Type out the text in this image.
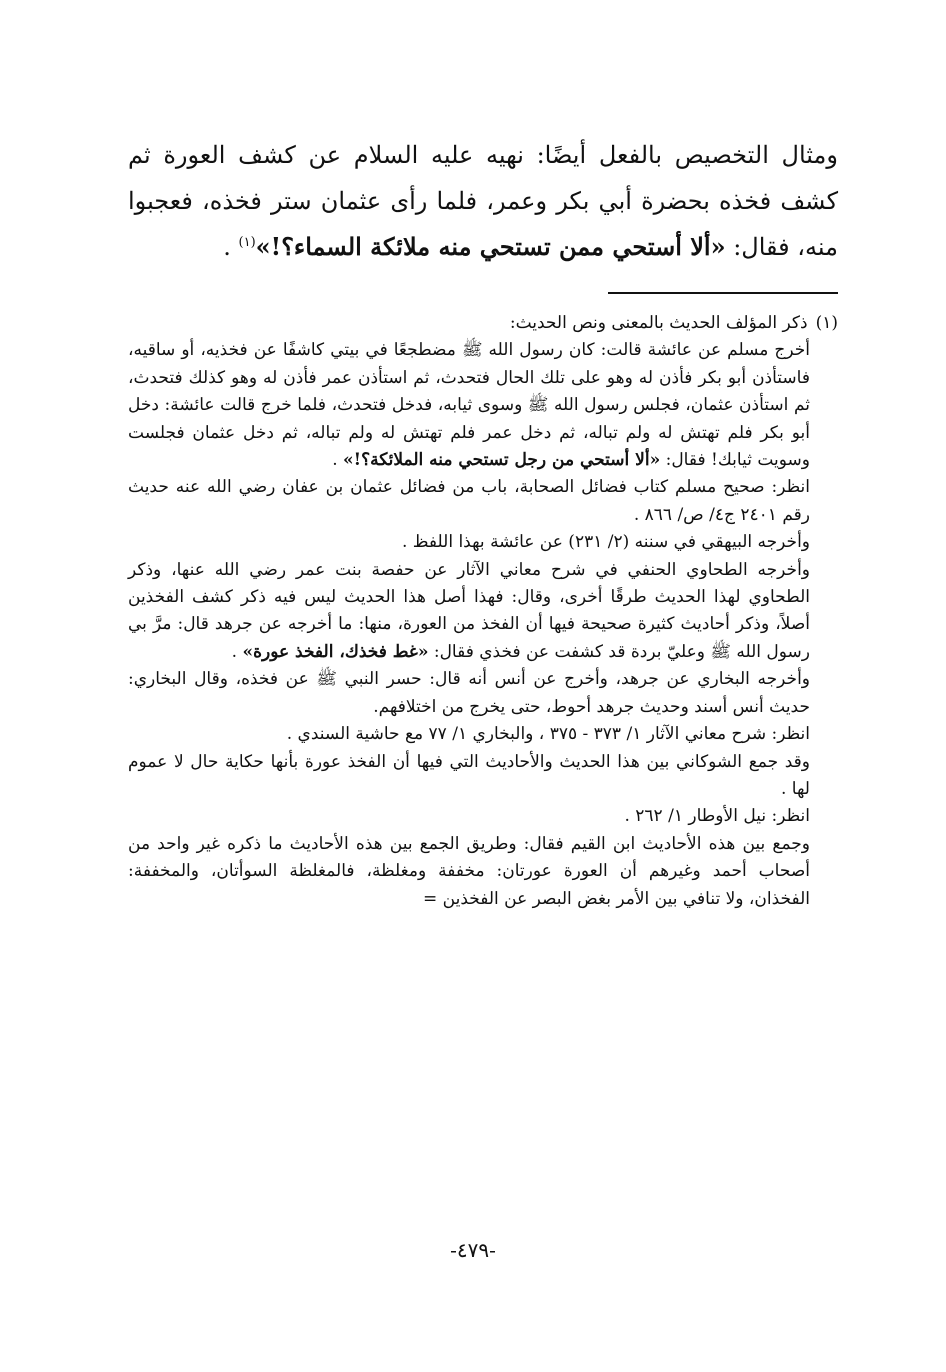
ومثال التخصيص بالفعل أيضًا: نهيه عليه السلام عن كشف العورة ثم كشف فخذه بحضرة أبي بكر وعمر، فلما رأى عثمان ستر فخذه، فعجبوا منه، فقال: «ألا أستحي ممن تستحي منه ملائكة السماء؟!»$^{(١)}$ .

(١)
ذكر المؤلف الحديث بالمعنى ونص الحديث:

أخرج مسلم عن عائشة قالت: كان رسول الله ﷺ مضطجعًا في بيتي كاشفًا عن فخذيه، أو ساقيه، فاستأذن أبو بكر فأذن له وهو على تلك الحال فتحدث، ثم استأذن عمر فأذن له وهو كذلك فتحدث، ثم استأذن عثمان، فجلس رسول الله ﷺ وسوى ثيابه، فدخل فتحدث، فلما خرج قالت عائشة: دخل أبو بكر فلم تهتش له ولم تباله، ثم دخل عمر فلم تهتش له ولم تباله، ثم دخل عثمان فجلست وسويت ثيابك! فقال: «ألا أستحي من رجل تستحي منه الملائكة؟!» .

انظر: صحيح مسلم كتاب فضائل الصحابة، باب من فضائل عثمان بن عفان رضي الله عنه حديث رقم ٢٤٠١ ج٤/ ص/ ٨٦٦ .

وأخرجه البيهقي في سننه (٢/ ٢٣١) عن عائشة بهذا اللفظ .

وأخرجه الطحاوي الحنفي في شرح معاني الآثار عن حفصة بنت عمر رضي الله عنها، وذكر الطحاوي لهذا الحديث طرقًا أخرى، وقال: فهذا أصل هذا الحديث ليس فيه ذكر كشف الفخذين أصلاً، وذكر أحاديث كثيرة صحيحة فيها أن الفخذ من العورة، منها: ما أخرجه عن جرهد قال: مرَّ بي رسول الله ﷺ وعليّ بردة قد كشفت عن فخذي فقال: «غط فخذك، الفخذ عورة» .

وأخرجه البخاري عن جرهد، وأخرج عن أنس أنه قال: حسر النبي ﷺ عن فخذه، وقال البخاري: حديث أنس أسند وحديث جرهد أحوط، حتى يخرج من اختلافهم.

انظر: شرح معاني الآثار ١/ ٣٧٣ - ٣٧٥ ، والبخاري ١/ ٧٧ مع حاشية السندي .

وقد جمع الشوكاني بين هذا الحديث والأحاديث التي فيها أن الفخذ عورة بأنها حكاية حال لا عموم لها .

انظر: نيل الأوطار ١/ ٢٦٢ .

وجمع بين هذه الأحاديث ابن القيم فقال: وطريق الجمع بين هذه الأحاديث ما ذكره غير واحد من أصحاب أحمد وغيرهم أن العورة عورتان: مخففة ومغلظة، فالمغلظة السوأتان، والمخففة: الفخذان، ولا تنافي بين الأمر بغض البصر عن الفخذين =

-٤٧٩-
